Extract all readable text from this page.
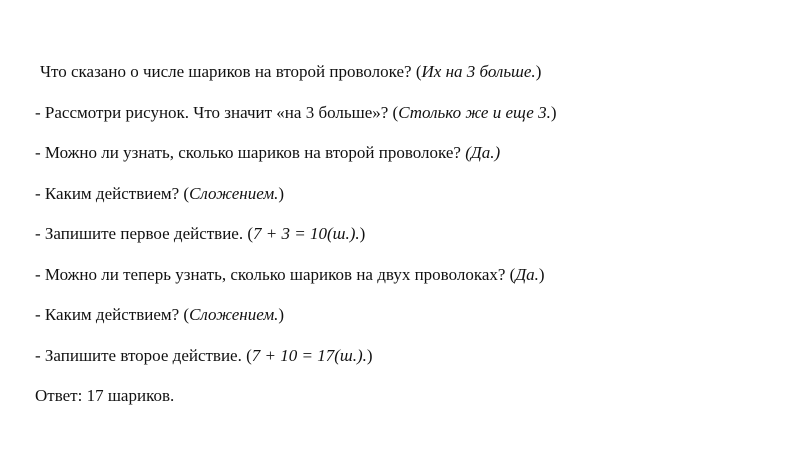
Что сказано о числе шариков на второй проволоке? (Их на 3 больше.)
- Рассмотри рисунок. Что значит «на 3 больше»? (Столько же и еще 3.)
- Можно ли узнать, сколько шариков на второй проволоке? (Да.)
- Каким действием? (Сложением.)
- Запишите первое действие. (7 + 3 = 10(ш.).)
- Можно ли теперь узнать, сколько шариков на двух проволоках? (Да.)
- Каким действием? (Сложением.)
- Запишите второе действие. (7 + 10 = 17(ш.).)
Ответ: 17 шариков.
